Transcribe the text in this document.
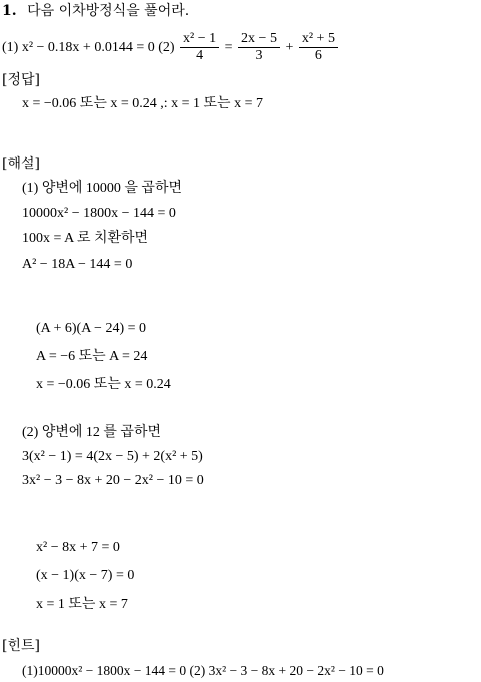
1. 다음 이차방정식을 풀어라.
(1) x² − 0.18x + 0.0144 = 0 $(2) \frac{\text{x² − 1}}{4} = \frac{2x - 5}{3} + \frac{\text{x² + 5}}{6}$
[정답]
x = −0.06 또는 x = 0.24 ,: x = 1 또는 x = 7
[해설]
(1) 양변에 10000 을 곱하면
10000x² − 1800x − 144 = 0
100x = A 로 치환하면
A² − 18A − 144 = 0
(A + 6)(A − 24) = 0
A = −6 또는 A = 24
x = −0.06 또는 x = 0.24
(2) 양변에 12 를 곱하면
3(x² − 1) = 4(2x − 5) + 2(x² + 5)
3x² − 3 − 8x + 20 − 2x² − 10 = 0
x² − 8x + 7 = 0
(x − 1)(x − 7) = 0
x = 1 또는 x = 7
[힌트]
(1)10000x² − 1800x − 144 = 0 (2) 3x² − 3 − 8x + 20 − 2x² − 10 = 0
